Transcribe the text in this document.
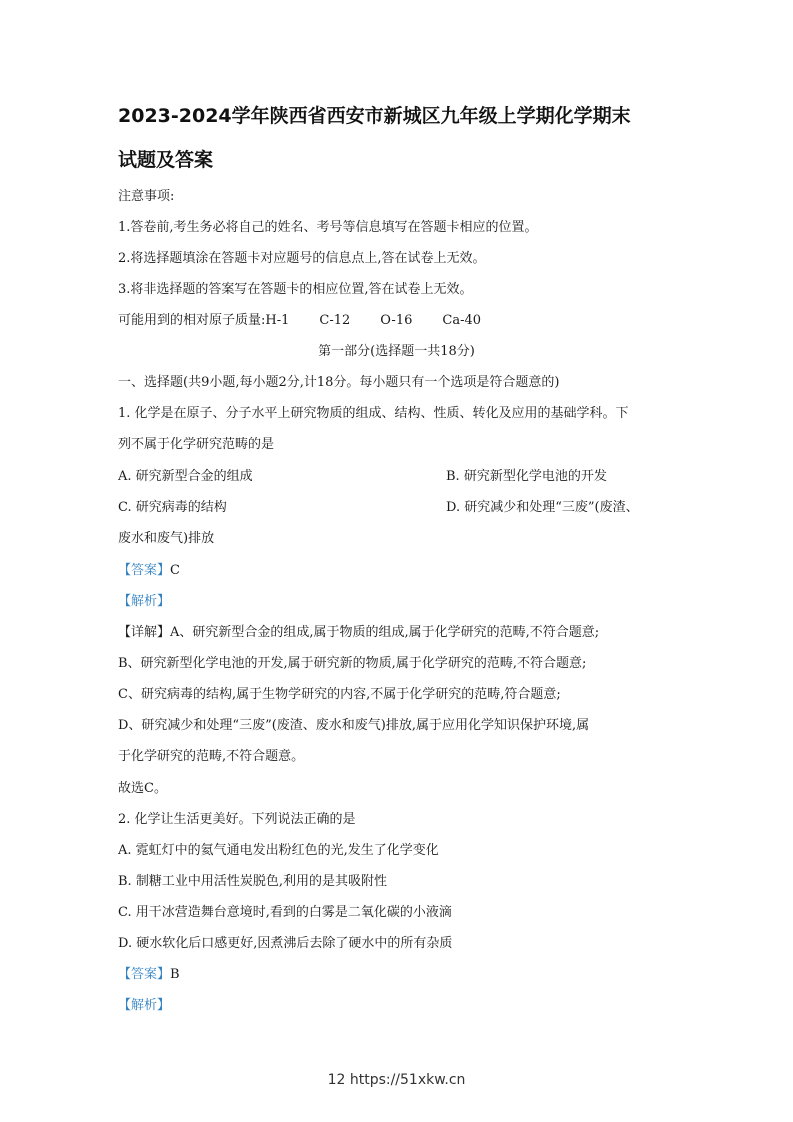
2023-2024学年陕西省西安市新城区九年级上学期化学期末
试题及答案
注意事项:
1.答卷前,考生务必将自己的姓名、考号等信息填写在答题卡相应的位置。
2.将选择题填涂在答题卡对应题号的信息点上,答在试卷上无效。
3.将非选择题的答案写在答题卡的相应位置,答在试卷上无效。
可能用到的相对原子质量:H-1 C-12 O-16 Ca-40
第一部分(选择题一共18分)
一、选择题(共9小题,每小题2分,计18分。每小题只有一个选项是符合题意的)
1. 化学是在原子、分子水平上研究物质的组成、结构、性质、转化及应用的基础学科。下
列不属于化学研究范畴的是
A. 研究新型合金的组成	B. 研究新型化学电池的开发
C. 研究病毒的结构	D. 研究减少和处理“三废”(废渣、
废水和废气)排放
【答案】C
【解析】
【详解】A、研究新型合金的组成,属于物质的组成,属于化学研究的范畴,不符合题意;
B、研究新型化学电池的开发,属于研究新的物质,属于化学研究的范畴,不符合题意;
C、研究病毒的结构,属于生物学研究的内容,不属于化学研究的范畴,符合题意;
D、研究减少和处理“三废”(废渣、废水和废气)排放,属于应用化学知识保护环境,属
于化学研究的范畴,不符合题意。
故选C。
2. 化学让生活更美好。下列说法正确的是
A. 霓虹灯中的氦气通电发出粉红色的光,发生了化学变化
B. 制糖工业中用活性炭脱色,利用的是其吸附性
C. 用干冰营造舞台意境时,看到的白雾是二氧化碳的小液滴
D. 硬水软化后口感更好,因煮沸后去除了硬水中的所有杂质
【答案】B
【解析】
12 https://51xkw.cn
